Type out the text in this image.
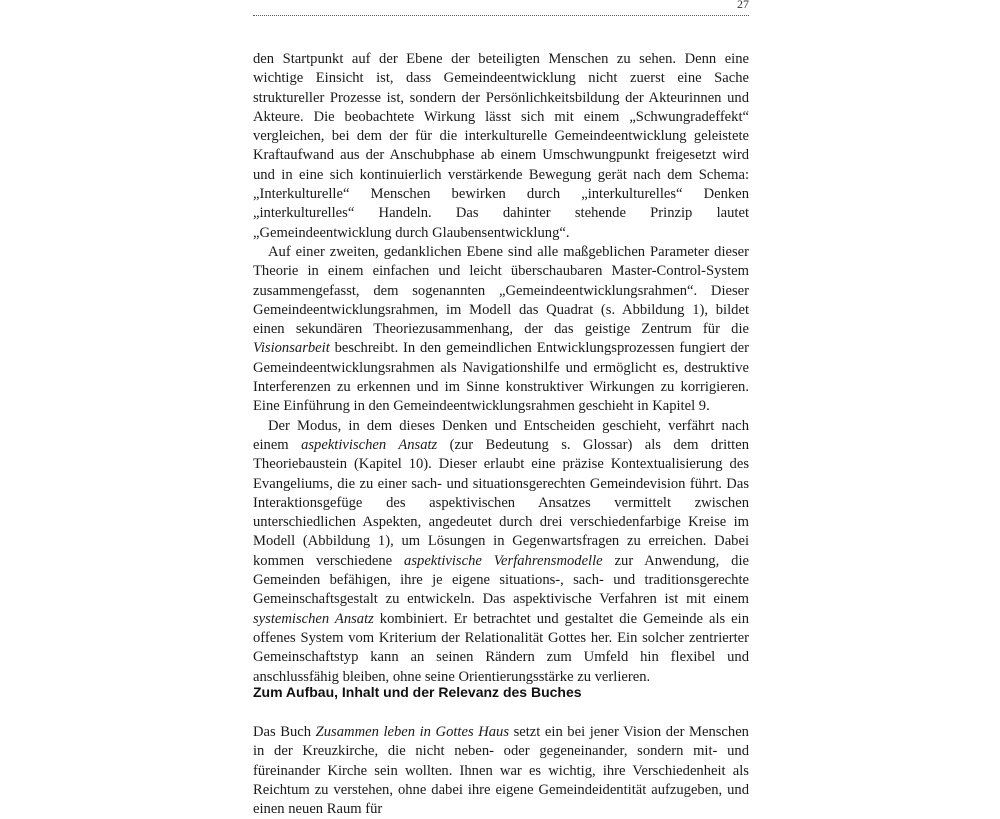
27

den Startpunkt auf der Ebene der beteiligten Menschen zu sehen. Denn eine wichtige Einsicht ist, dass Gemeindeentwicklung nicht zuerst eine Sache struktureller Prozesse ist, sondern der Persönlichkeitsbildung der Akteurinnen und Akteure. Die beobachtete Wirkung lässt sich mit einem „Schwungradeffekt“ vergleichen, bei dem der für die interkulturelle Gemeindeentwicklung geleistete Kraftaufwand aus der Anschubphase ab einem Umschwungpunkt freigesetzt wird und in eine sich kontinuierlich verstärkende Bewegung gerät nach dem Schema: „Interkulturelle“ Menschen bewirken durch „interkulturelles“ Denken „interkulturelles“ Handeln. Das dahinter stehende Prinzip lautet „Gemeindeentwicklung durch Glaubensentwicklung“.

Auf einer zweiten, gedanklichen Ebene sind alle maßgeblichen Parameter dieser Theorie in einem einfachen und leicht überschaubaren Master-Control-System zusammengefasst, dem sogenannten „Gemeindeentwicklungsrahmen“. Dieser Gemeindeentwicklungsrahmen, im Modell das Quadrat (s. Abbildung 1), bildet einen sekundären Theoriezusammenhang, der das geistige Zentrum für die Visionsarbeit beschreibt. In den gemeindlichen Entwicklungsprozessen fungiert der Gemeindeentwicklungsrahmen als Navigationshilfe und ermöglicht es, destruktive Interferenzen zu erkennen und im Sinne konstruktiver Wirkungen zu korrigieren. Eine Einführung in den Gemeindeentwicklungsrahmen geschieht in Kapitel 9.

Der Modus, in dem dieses Denken und Entscheiden geschieht, verfährt nach einem aspektivischen Ansatz (zur Bedeutung s. Glossar) als dem dritten Theoriebaustein (Kapitel 10). Dieser erlaubt eine präzise Kontextualisierung des Evangeliums, die zu einer sach- und situationsgerechten Gemeindevision führt. Das Interaktionsgefüge des aspektivischen Ansatzes vermittelt zwischen unterschiedlichen Aspekten, angedeutet durch drei verschiedenfarbige Kreise im Modell (Abbildung 1), um Lösungen in Gegenwartsfragen zu erreichen. Dabei kommen verschiedene aspektivische Verfahrensmodelle zur Anwendung, die Gemeinden befähigen, ihre je eigene situations-, sach- und traditionsgerechte Gemeinschaftsgestalt zu entwickeln. Das aspektivische Verfahren ist mit einem systemischen Ansatz kombiniert. Er betrachtet und gestaltet die Gemeinde als ein offenes System vom Kriterium der Relationalität Gottes her. Ein solcher zentrierter Gemeinschaftstyp kann an seinen Rändern zum Umfeld hin flexibel und anschlussfähig bleiben, ohne seine Orientierungsstärke zu verlieren.

Zum Aufbau, Inhalt und der Relevanz des Buches

Das Buch Zusammen leben in Gottes Haus setzt ein bei jener Vision der Menschen in der Kreuzkirche, die nicht neben- oder gegeneinander, sondern mit- und füreinander Kirche sein wollten. Ihnen war es wichtig, ihre Verschiedenheit als Reichtum zu verstehen, ohne dabei ihre eigene Gemeindeidentität aufzugeben, und einen neuen Raum für
